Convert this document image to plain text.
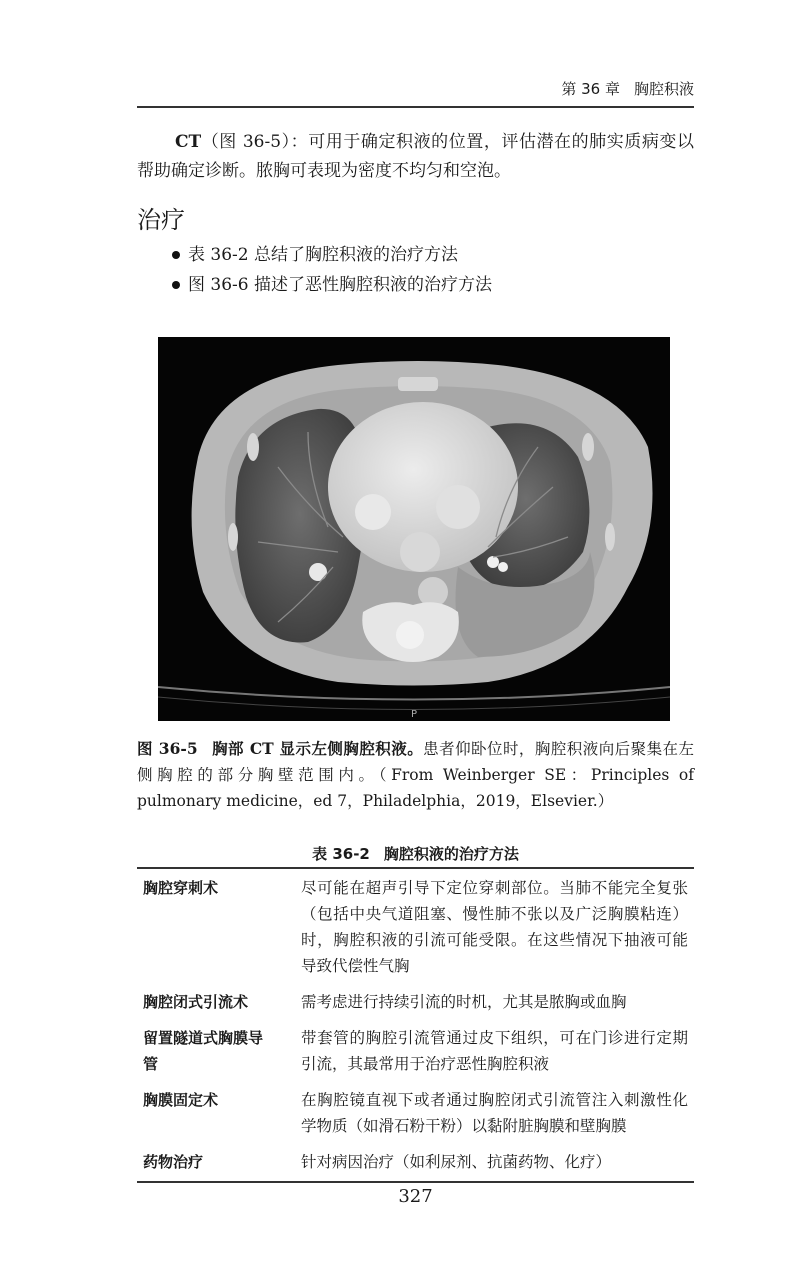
第 36 章 胸腔积液

CT（图 36-5）：可用于确定积液的位置，评估潜在的肺实质病变以帮助确定诊断。脓胸可表现为密度不均匀和空泡。

治疗
表 36-2 总结了胸腔积液的治疗方法
图 36-6 描述了恶性胸腔积液的治疗方法
P
图 36-5 胸部 CT 显示左侧胸腔积液。患者仰卧位时，胸腔积液向后聚集在左侧胸腔的部分胸壁范围内。（From Weinberger SE：Principles of pulmonary medicine，ed 7，Philadelphia，2019，Elsevier.）
表 36-2 胸腔积液的治疗方法
胸腔穿刺术	尽可能在超声引导下定位穿刺部位。当肺不能完全复张（包括中央气道阻塞、慢性肺不张以及广泛胸膜粘连）时，胸腔积液的引流可能受限。在这些情况下抽液可能导致代偿性气胸
胸腔闭式引流术	需考虑进行持续引流的时机，尤其是脓胸或血胸
留置隧道式胸膜导管	带套管的胸腔引流管通过皮下组织，可在门诊进行定期引流，其最常用于治疗恶性胸腔积液
胸膜固定术	在胸腔镜直视下或者通过胸腔闭式引流管注入刺激性化学物质（如滑石粉干粉）以黏附脏胸膜和壁胸膜
药物治疗	针对病因治疗（如利尿剂、抗菌药物、化疗）
327
